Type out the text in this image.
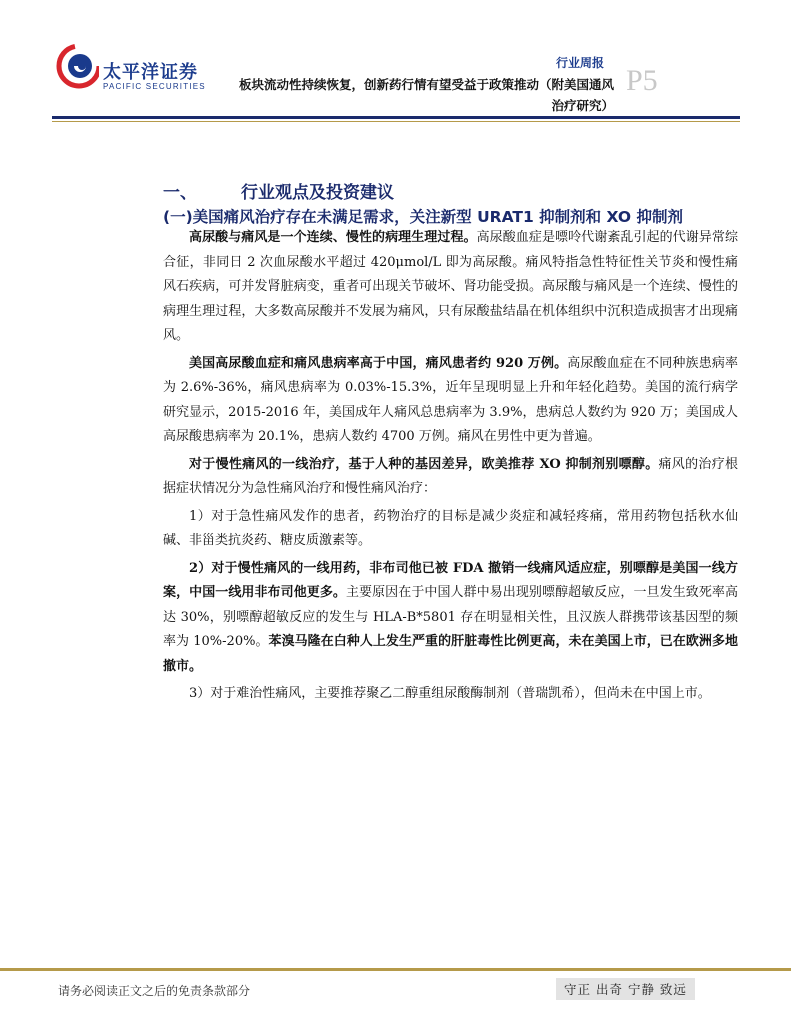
太平洋证券
PACIFIC SECURITIES
行业周报
板块流动性持续恢复，创新药行情有望受益于政策推动（附美国通风治疗研究）
P5
一、	行业观点及投资建议
(一)美国痛风治疗存在未满足需求，关注新型 URAT1 抑制剂和 XO 抑制剂

高尿酸与痛风是一个连续、慢性的病理生理过程。高尿酸血症是嘌呤代谢紊乱引起的代谢异常综合征，非同日 2 次血尿酸水平超过 420μmol/L 即为高尿酸。痛风特指急性特征性关节炎和慢性痛风石疾病，可并发肾脏病变，重者可出现关节破坏、肾功能受损。高尿酸与痛风是一个连续、慢性的病理生理过程，大多数高尿酸并不发展为痛风，只有尿酸盐结晶在机体组织中沉积造成损害才出现痛风。

美国高尿酸血症和痛风患病率高于中国，痛风患者约 920 万例。高尿酸血症在不同种族患病率为 2.6%-36%，痛风患病率为 0.03%-15.3%，近年呈现明显上升和年轻化趋势。美国的流行病学研究显示，2015-2016 年，美国成年人痛风总患病率为 3.9%，患病总人数约为 920 万；美国成人高尿酸患病率为 20.1%，患病人数约 4700 万例。痛风在男性中更为普遍。

对于慢性痛风的一线治疗，基于人种的基因差异，欧美推荐 XO 抑制剂别嘌醇。痛风的治疗根据症状情况分为急性痛风治疗和慢性痛风治疗：

1）对于急性痛风发作的患者，药物治疗的目标是减少炎症和减轻疼痛，常用药物包括秋水仙碱、非甾类抗炎药、糖皮质激素等。

2）对于慢性痛风的一线用药，非布司他已被 FDA 撤销一线痛风适应症，别嘌醇是美国一线方案，中国一线用非布司他更多。主要原因在于中国人群中易出现别嘌醇超敏反应，一旦发生致死率高达 30%，别嘌醇超敏反应的发生与 HLA-B*5801 存在明显相关性，且汉族人群携带该基因型的频率为 10%-20%。苯溴马隆在白种人上发生严重的肝脏毒性比例更高，未在美国上市，已在欧洲多地撤市。

3）对于难治性痛风，主要推荐聚乙二醇重组尿酸酶制剂（普瑞凯希），但尚未在中国上市。

请务必阅读正文之后的免责条款部分	守正 出奇 宁静 致远
